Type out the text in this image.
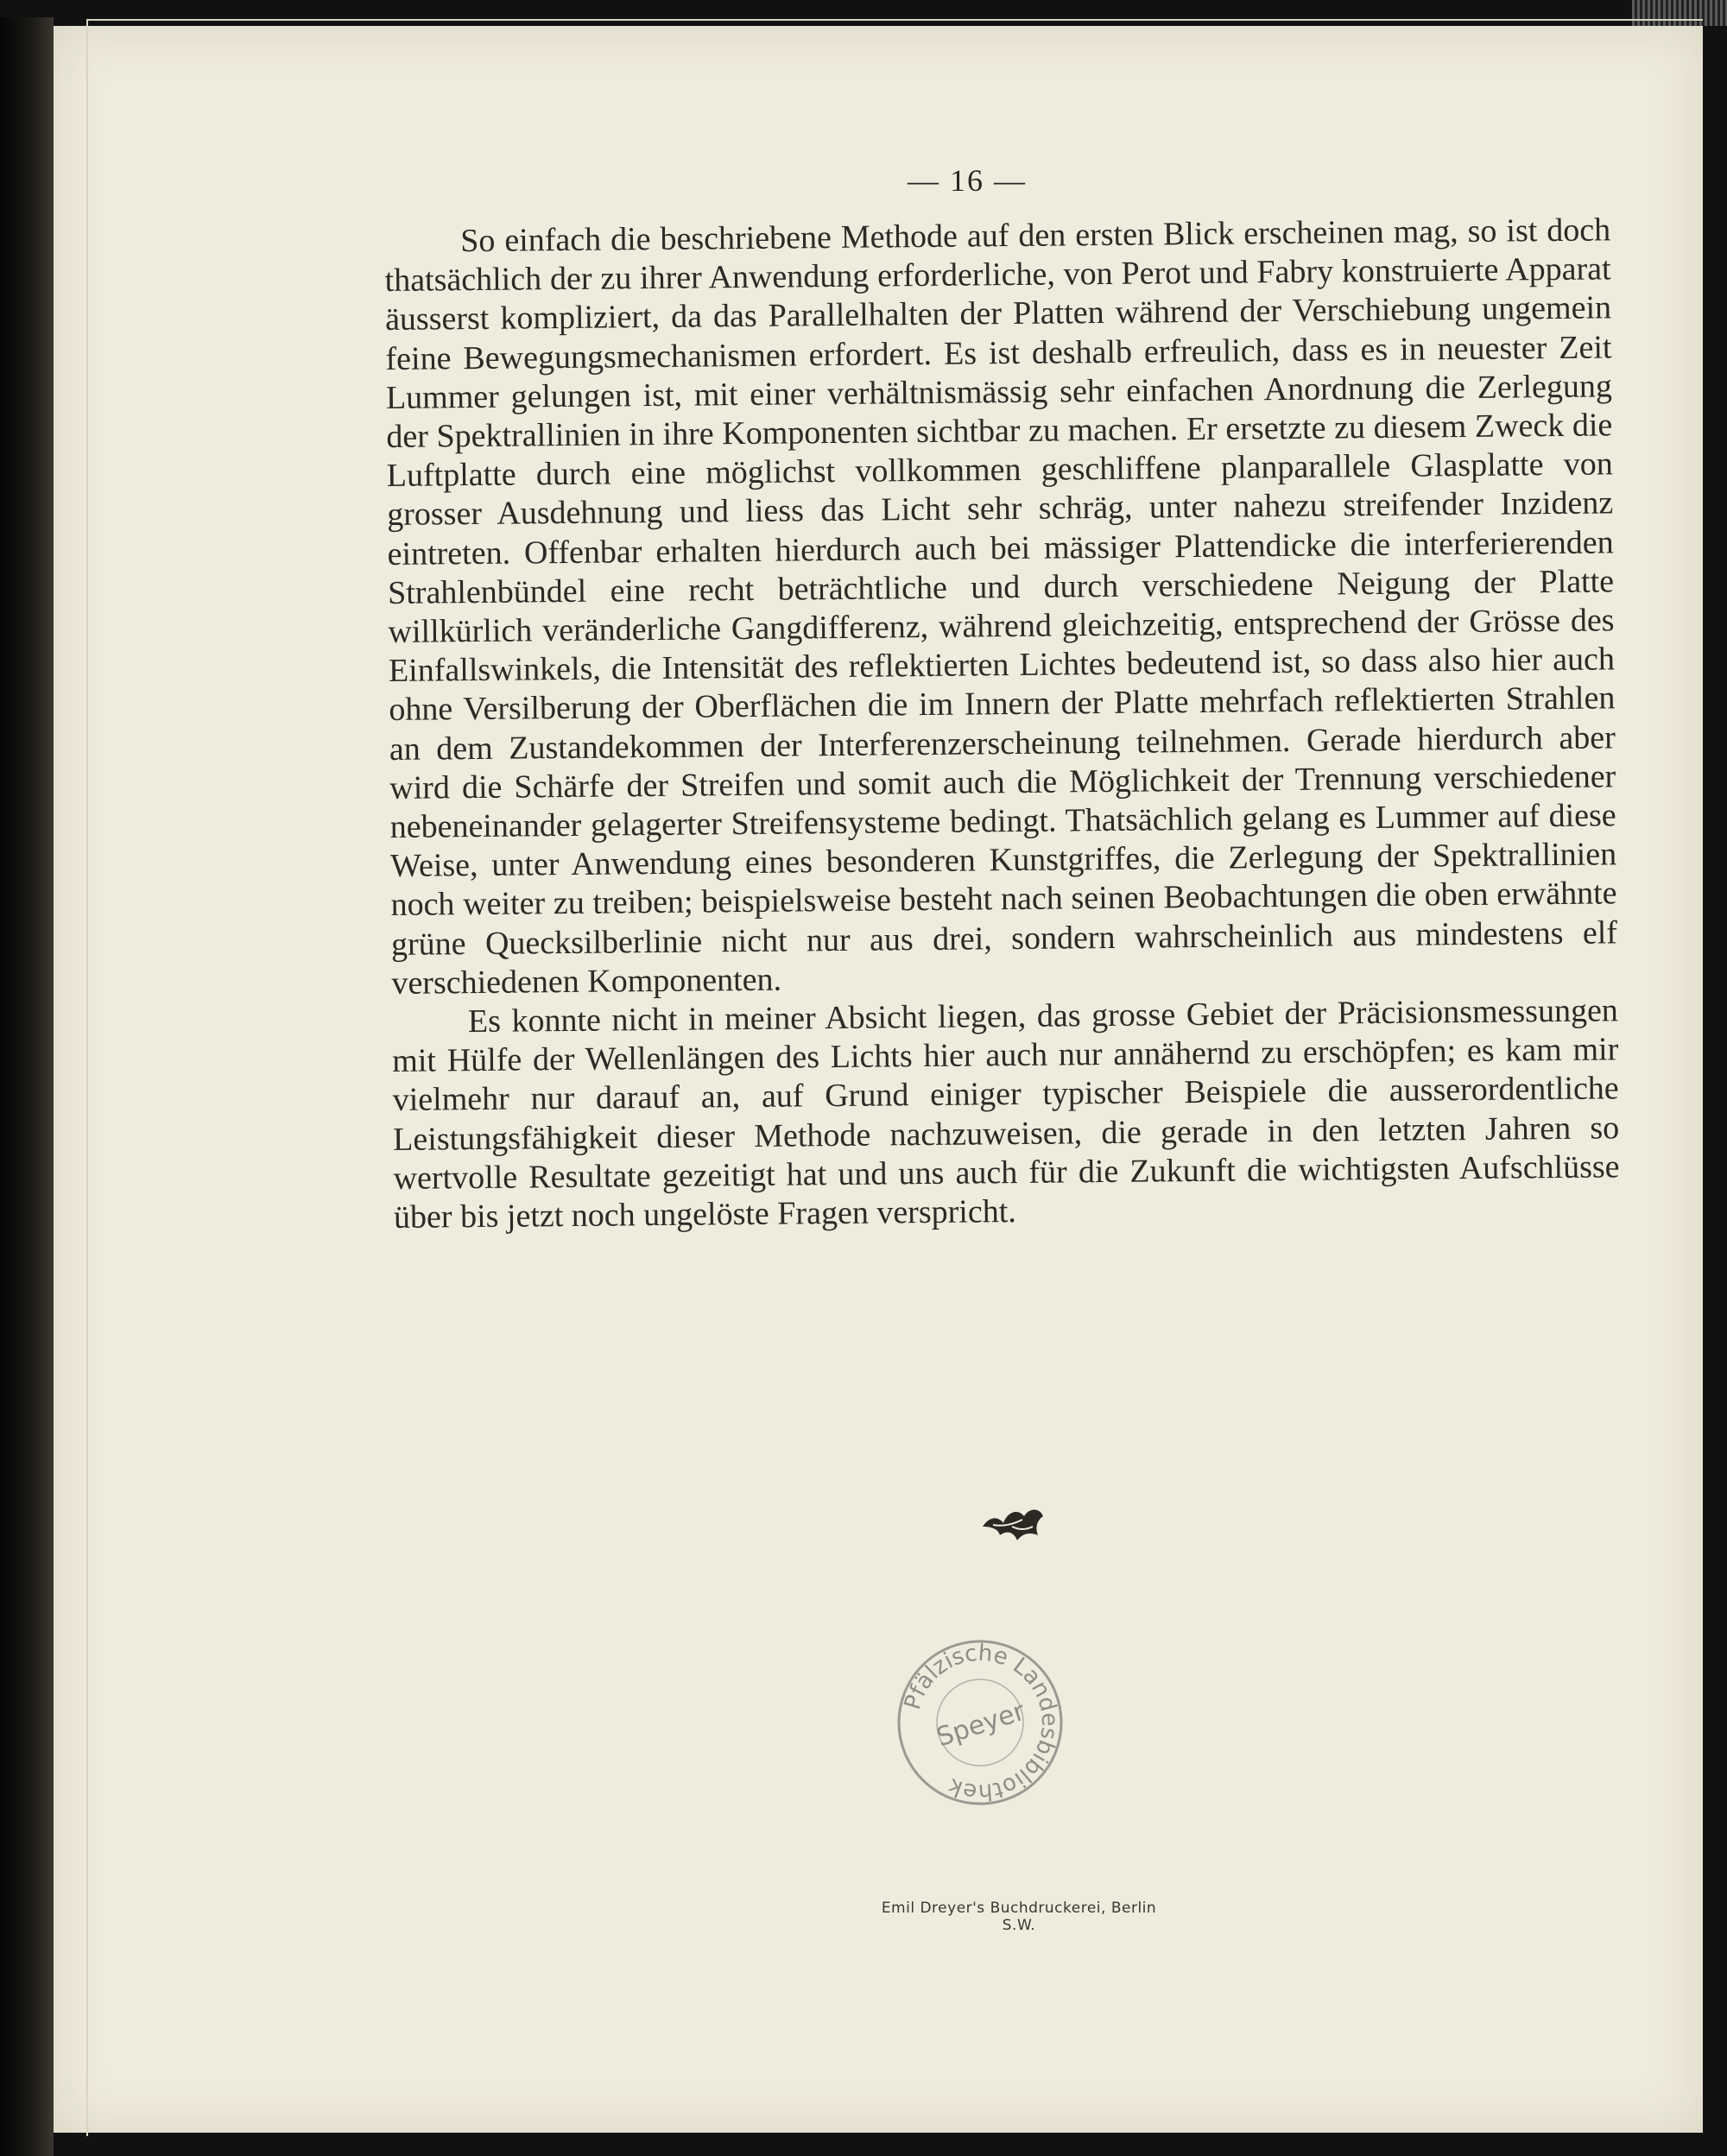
— 16 —

So einfach die beschriebene Methode auf den ersten Blick erscheinen mag, so ist doch thatsächlich der zu ihrer Anwendung erforderliche, von Perot und Fabry konstruierte Apparat äusserst kompliziert, da das Parallelhalten der Platten während der Verschiebung ungemein feine Bewegungsmechanismen erfordert. Es ist deshalb erfreulich, dass es in neuester Zeit Lummer gelungen ist, mit einer verhältnismässig sehr einfachen Anordnung die Zerlegung der Spektrallinien in ihre Komponenten sichtbar zu machen. Er ersetzte zu diesem Zweck die Luftplatte durch eine möglichst vollkommen geschliffene planparallele Glasplatte von grosser Ausdehnung und liess das Licht sehr schräg, unter nahezu streifender Inzidenz eintreten. Offenbar erhalten hierdurch auch bei mässiger Plattendicke die interferierenden Strahlenbündel eine recht beträchtliche und durch verschiedene Neigung der Platte willkürlich veränderliche Gangdifferenz, während gleichzeitig, entsprechend der Grösse des Einfallswinkels, die Intensität des reflektierten Lichtes bedeutend ist, so dass also hier auch ohne Versilberung der Oberflächen die im Innern der Platte mehrfach reflektierten Strahlen an dem Zustandekommen der Interferenzerscheinung teilnehmen. Gerade hierdurch aber wird die Schärfe der Streifen und somit auch die Möglichkeit der Trennung verschiedener nebeneinander gelagerter Streifensysteme bedingt. Thatsächlich gelang es Lummer auf diese Weise, unter Anwendung eines besonderen Kunstgriffes, die Zerlegung der Spektrallinien noch weiter zu treiben; beispielsweise besteht nach seinen Beobachtungen die oben erwähnte grüne Quecksilberlinie nicht nur aus drei, sondern wahrscheinlich aus mindestens elf verschiedenen Komponenten.

Es konnte nicht in meiner Absicht liegen, das grosse Gebiet der Präcisionsmessungen mit Hülfe der Wellenlängen des Lichts hier auch nur annähernd zu erschöpfen; es kam mir vielmehr nur darauf an, auf Grund einiger typischer Beispiele die ausserordentliche Leistungsfähigkeit dieser Methode nachzuweisen, die gerade in den letzten Jahren so wertvolle Resultate gezeitigt hat und uns auch für die Zukunft die wichtigsten Aufschlüsse über bis jetzt noch ungelöste Fragen verspricht.

Pfälzische Landesbibliothek
Speyer
Emil Dreyer's Buchdruckerei, Berlin S.W.
